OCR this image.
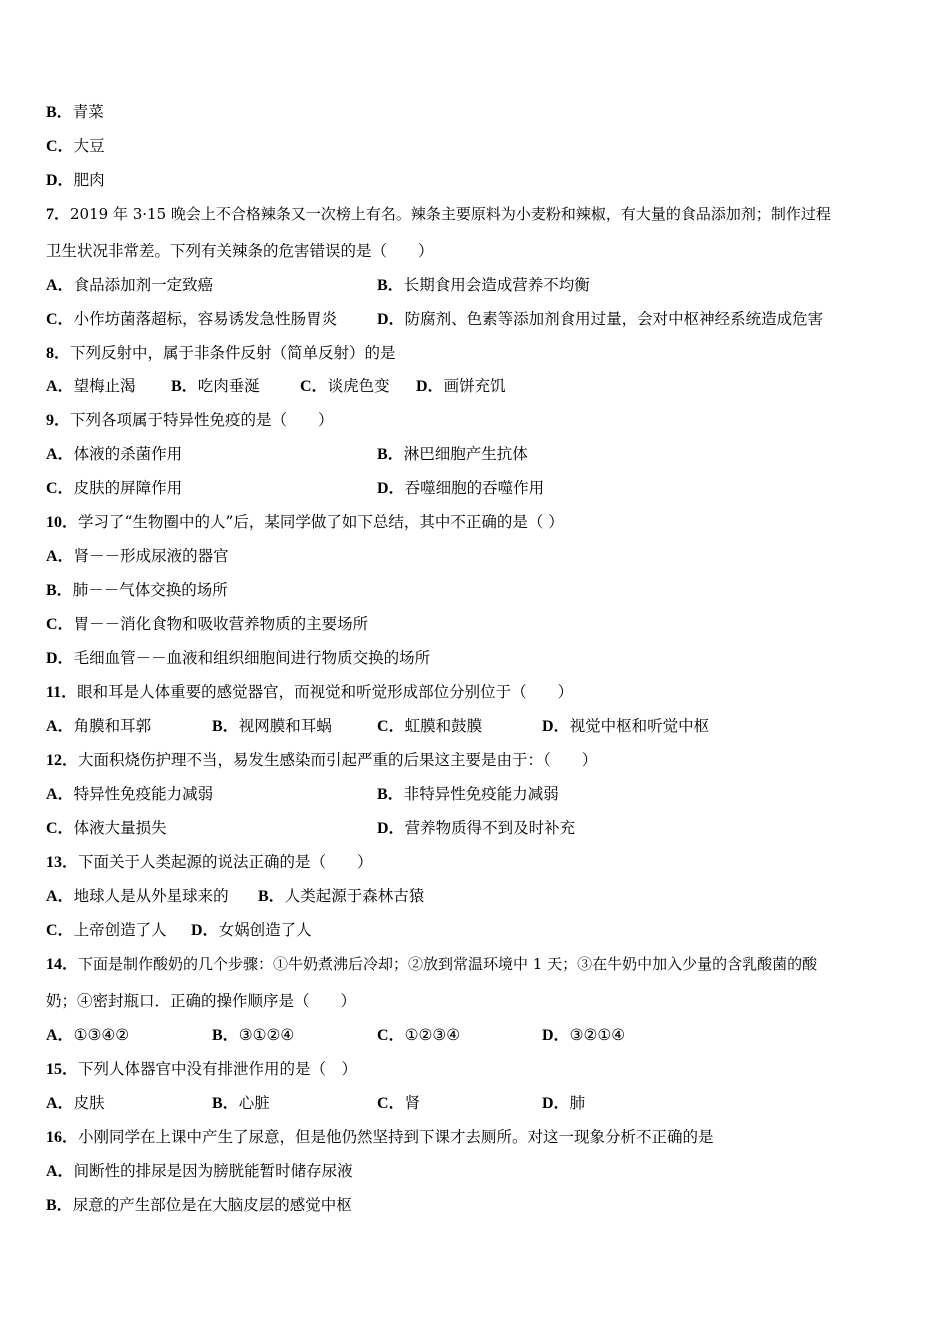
B．青菜
C．大豆
D．肥肉
7．2019 年 3·15 晚会上不合格辣条又一次榜上有名。辣条主要原料为小麦粉和辣椒，有大量的食品添加剂；制作过程
卫生状况非常差。下列有关辣条的危害错误的是（　　）
A．食品添加剂一定致癌	B．长期食用会造成营养不均衡
C．小作坊菌落超标，容易诱发急性肠胃炎 D．防腐剂、色素等添加剂食用过量，会对中枢神经系统造成危害
8．下列反射中，属于非条件反射（简单反射）的是
A．望梅止渴 B．吃肉垂涎	C．谈虎色变 D．画饼充饥
9．下列各项属于特异性免疫的是（　　）
A．体液的杀菌作用	B．淋巴细胞产生抗体
C．皮肤的屏障作用	D．吞噬细胞的吞噬作用
10．学习了“生物圈中的人”后，某同学做了如下总结，其中不正确的是（ ）
A．肾－－形成尿液的器官
B．肺－－气体交换的场所
C．胃－－消化食物和吸收营养物质的主要场所
D．毛细血管－－血液和组织细胞间进行物质交换的场所
11．眼和耳是人体重要的感觉器官，而视觉和听觉形成部位分别位于（　　）
A．角膜和耳郭	B．视网膜和耳蜗	C．虹膜和鼓膜	D．视觉中枢和听觉中枢
12．大面积烧伤护理不当，易发生感染而引起严重的后果这主要是由于：（　　）
A．特异性免疫能力减弱	B．非特异性免疫能力减弱
C．体液大量损失	D．营养物质得不到及时补充
13．下面关于人类起源的说法正确的是（　　）
A．地球人是从外星球来的 B．人类起源于森林古猿
C．上帝创造了人 D．女娲创造了人
14．下面是制作酸奶的几个步骤：①牛奶煮沸后冷却；②放到常温环境中 1 天；③在牛奶中加入少量的含乳酸菌的酸
奶；④密封瓶口．正确的操作顺序是（　　）
A．①③④②	B．③①②④	C．①②③④	D．③②①④
15．下列人体器官中没有排泄作用的是（　）
A．皮肤	B．心脏	C．肾	D．肺
16．小刚同学在上课中产生了尿意，但是他仍然坚持到下课才去厕所。对这一现象分析不正确的是
A．间断性的排尿是因为膀胱能暂时储存尿液
B．尿意的产生部位是在大脑皮层的感觉中枢
